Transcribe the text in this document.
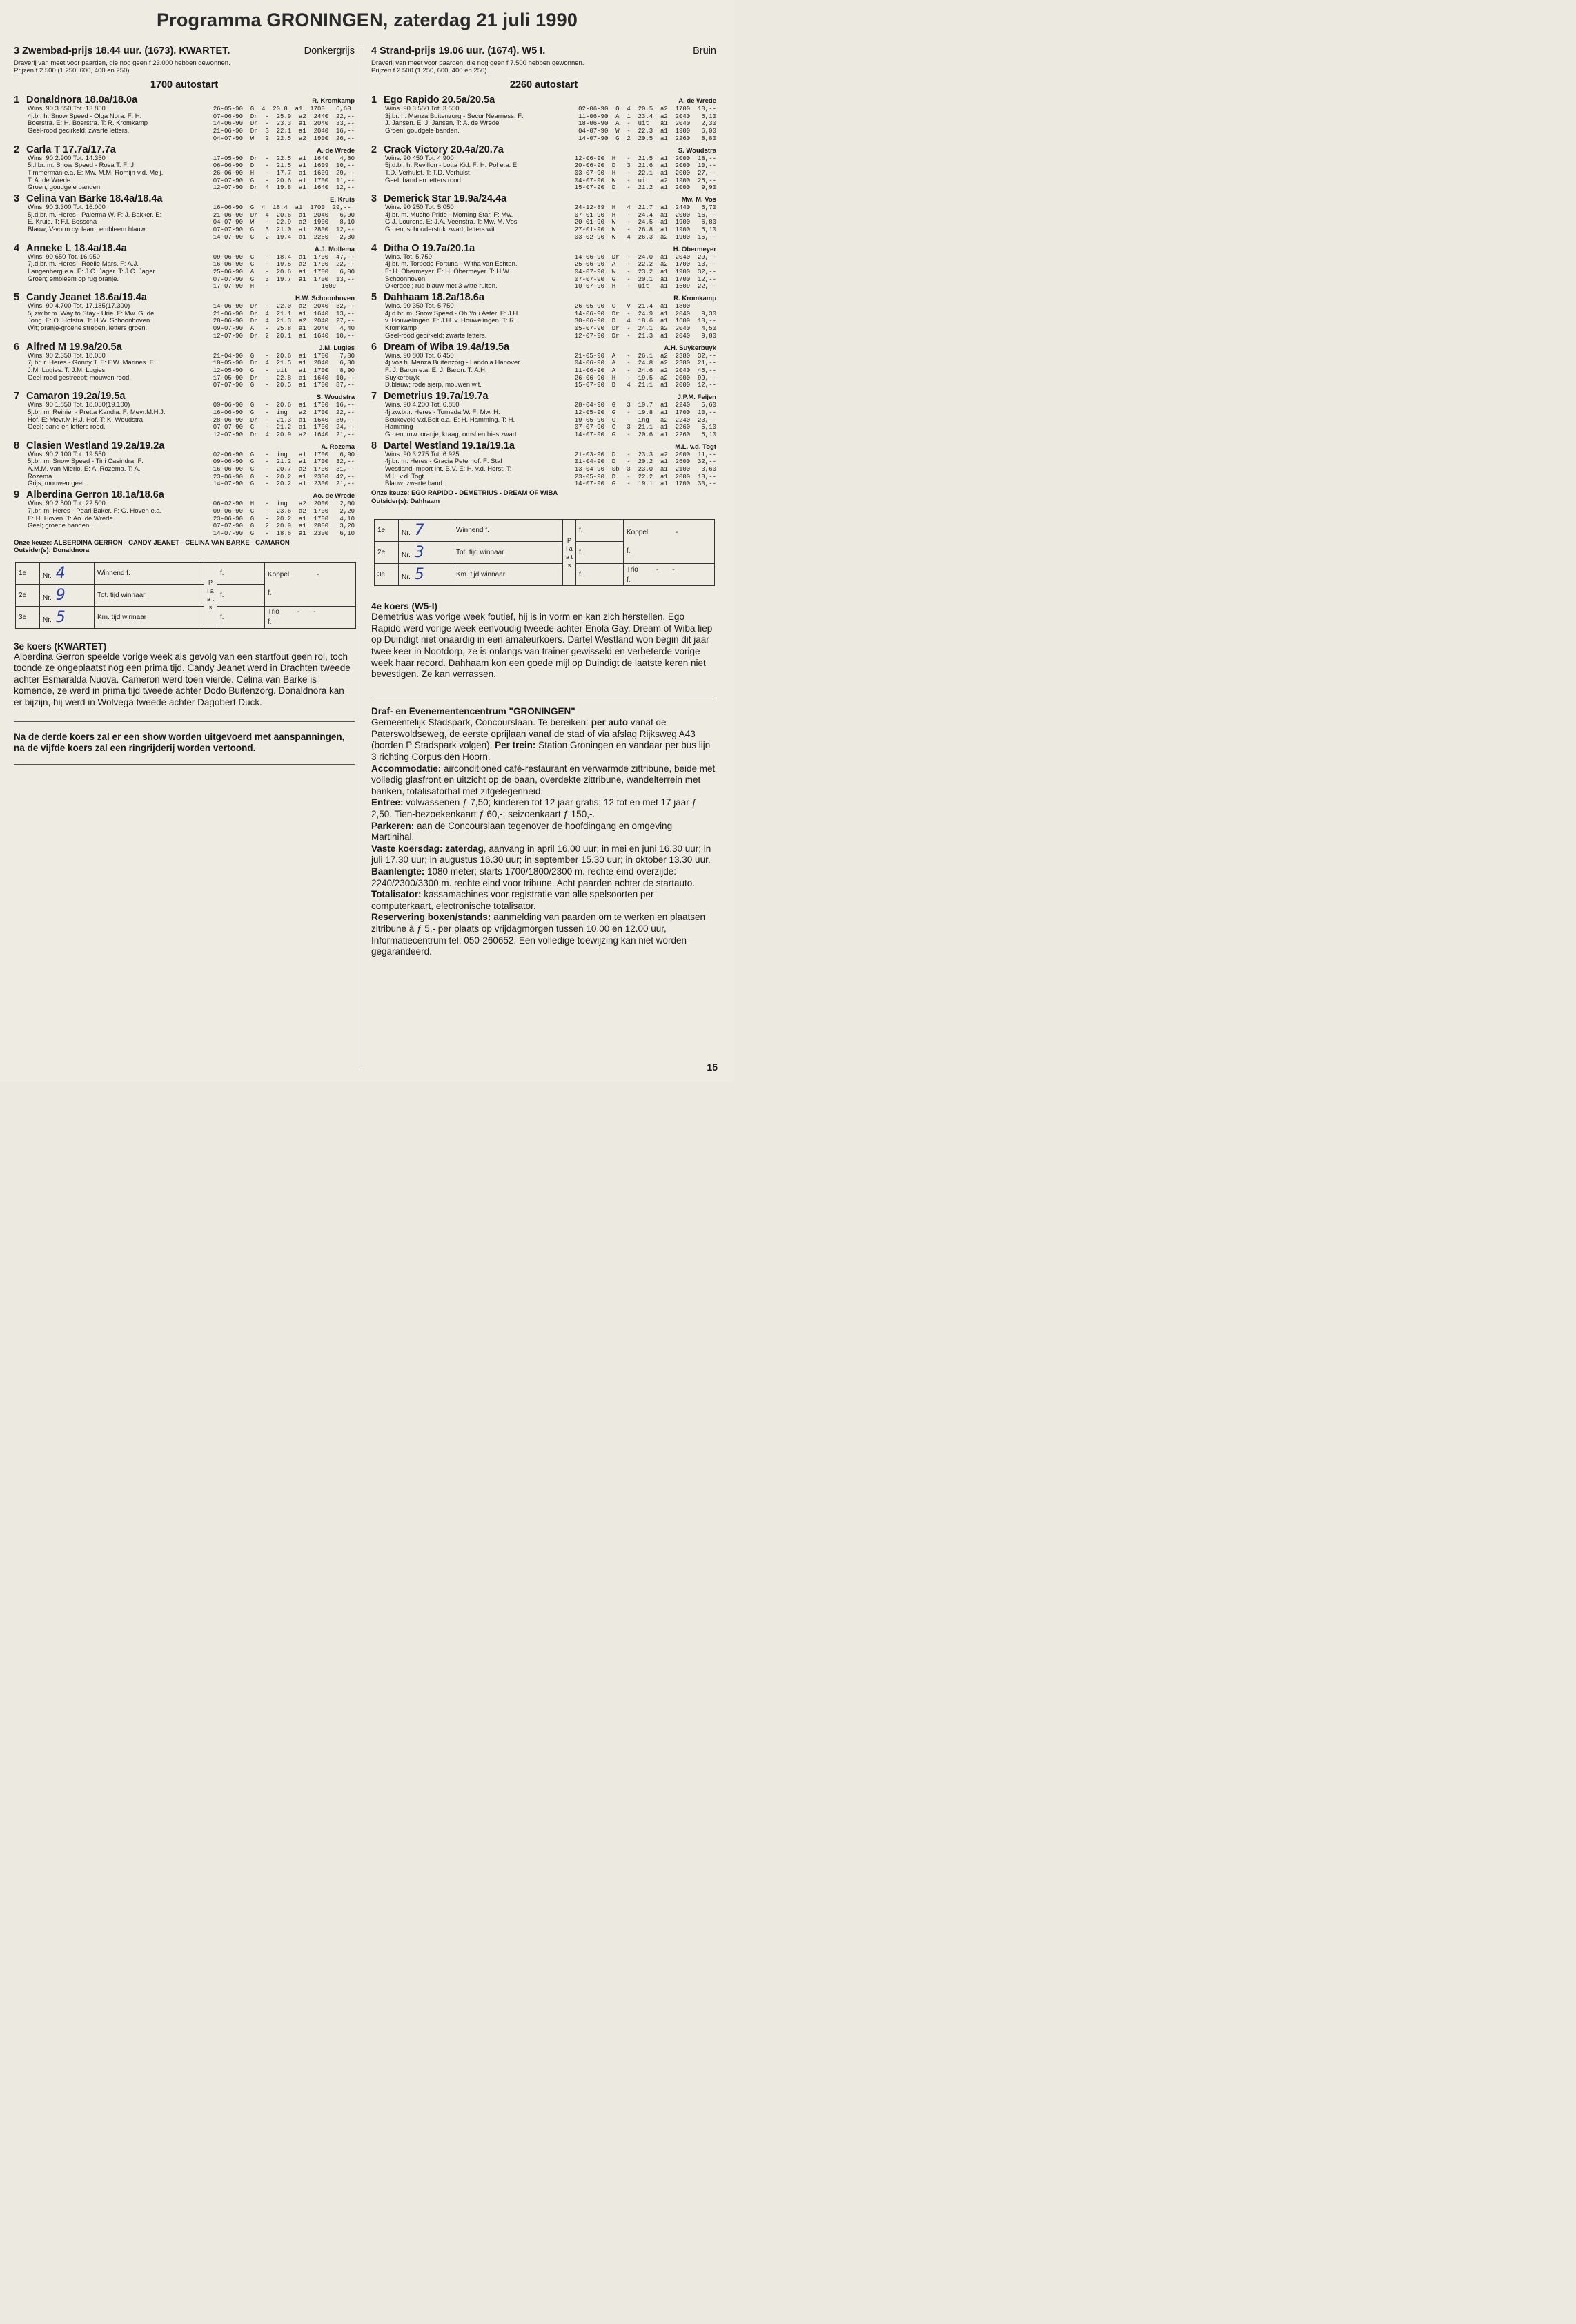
Programma GRONINGEN, zaterdag 21 juli 1990
3 Zwembad-prijs 18.44 uur. (1673). KWARTET.	Donkergrijs
Draverij van meet voor paarden, die nog geen f 23.000 hebben gewonnen.
Prijzen f 2.500 (1.250, 600, 400 en 250).
1700 autostart
1 Donaldnora 18.0a/18.0a	R. Kromkamp
Wins. 90 3.850 Tot. 13.850
4j.br. h. Snow Speed - Olga Nora. F: H.
Boerstra. E: H. Boerstra. T: R. Kromkamp
Geel-rood gecirkeld; zwarte letters.
26-05-90  G  4  20.8  a1  1700   6,60
07-06-90  Dr  -  25.9  a2  2440  22,--
14-06-90  Dr  -  23.3  a1  2040  33,--
21-06-90  Dr  S  22.1  a1  2040  16,--
04-07-90  W   2  22.5  a2  1900  26,--
2 Carla T 17.7a/17.7a	A. de Wrede
Wins. 90 2.900 Tot. 14.350
5j.l.br. m. Snow Speed - Rosa T. F: J.
Timmerman e.a. E: Mw. M.M. Romijn-v.d. Meij.
T: A. de Wrede
Groen; goudgele banden.
17-05-90  Dr  -  22.5  a1  1640   4,80
06-06-90  D   -  21.5  a1  1609  10,--
26-06-90  H   -  17.7  a1  1609  29,--
07-07-90  G   -  20.6  a1  1700  11,--
12-07-90  Dr  4  19.8  a1  1640  12,--
3 Celina van Barke 18.4a/18.4a	E. Kruis
Wins. 90 3.300 Tot. 16.000
5j.d.br. m. Heres - Palerma W. F: J. Bakker. E:
E. Kruis. T: F.I. Bosscha
Blauw; V-vorm cyclaam, embleem blauw.
16-06-90  G  4  18.4  a1  1700  29,--
21-06-90  Dr  4  20.6  a1  2040   6,90
04-07-90  W   -  22.9  a2  1900   8,10
07-07-90  G   3  21.0  a1  2800  12,--
14-07-90  G   2  19.4  a1  2260   2,30
4 Anneke L 18.4a/18.4a	A.J. Mollema
Wins. 90 650 Tot. 16.950
7j.d.br. m. Heres - Roelie Mars. F: A.J.
Langenberg e.a. E: J.C. Jager. T: J.C. Jager
Groen; embleem op rug oranje.
09-06-90  G   -  18.4  a1  1700  47,--
16-06-90  G   -  19.5  a2  1700  22,--
25-06-90  A   -  20.6  a1  1700   6,00
07-07-90  G   3  19.7  a1  1700  13,--
17-07-90  H   -              1609
5 Candy Jeanet 18.6a/19.4a	H.W. Schoonhoven
Wins. 90 4.700 Tot. 17.185(17.300)
5j.zw.br.m. Way to Stay - Urie. F: Mw. G. de
Jong. E: O. Hofstra. T: H.W. Schoonhoven
Wit; oranje-groene strepen, letters groen.
14-06-90  Dr  -  22.0  a2  2040  32,--
21-06-90  Dr  4  21.1  a1  1640  13,--
28-06-90  Dr  4  21.3  a2  2040  27,--
09-07-90  A   -  25.8  a1  2040   4,40
12-07-90  Dr  2  20.1  a1  1640  10,--
6 Alfred M 19.9a/20.5a	J.M. Lugies
Wins. 90 2.350 Tot. 18.050
7j.br. r. Heres - Gonny T. F: F.W. Marines. E:
J.M. Lugies. T: J.M. Lugies
Geel-rood gestreept; mouwen rood.
21-04-90  G   -  20.6  a1  1700   7,80
10-05-90  Dr  4  21.5  a1  2040   6,80
12-05-90  G   -  uit   a1  1700   8,90
17-05-90  Dr  -  22.8  a1  1640  10,--
07-07-90  G   -  20.5  a1  1700  87,--
7 Camaron 19.2a/19.5a	S. Woudstra
Wins. 90 1.850 Tot. 18.050(19.100)
5j.br. m. Reinier - Pretta Kandia. F: Mevr.M.H.J.
Hof. E: Mevr.M.H.J. Hof. T: K. Woudstra
Geel; band en letters rood.
09-06-90  G   -  20.6  a1  1700  16,--
16-06-90  G   -  ing   a2  1700  22,--
28-06-90  Dr  -  21.3  a1  1640  39,--
07-07-90  G   -  21.2  a1  1700  24,--
12-07-90  Dr  4  20.9  a2  1640  21,--
8 Clasien Westland 19.2a/19.2a	A. Rozema
Wins. 90 2.100 Tot. 19.550
5j.br. m. Snow Speed - Tini Casindra. F:
A.M.M. van Mierlo. E: A. Rozema. T: A.
Rozema
Grijs; mouwen geel.
02-06-90  G   -  ing   a1  1700   6,90
09-06-90  G   -  21.2  a1  1700  32,--
16-06-90  G   -  20.7  a2  1700  31,--
23-06-90  G   -  20.2  a1  2300  42,--
14-07-90  G   -  20.2  a1  2300  21,--
9 Alberdina Gerron 18.1a/18.6a	Ao. de Wrede
Wins. 90 2.500 Tot. 22.500
7j.br. m. Heres - Pearl Baker. F: G. Hoven e.a.
E: H. Hoven. T: Ao. de Wrede
Geel; groene banden.
06-02-90  H   -  ing   a2  2000   2,00
09-06-90  G   -  23.6  a2  1700   2,20
23-06-90  G   -  20.2  a1  1700   4,10
07-07-90  G   2  20.9  a1  2800   3,20
14-07-90  G   -  18.6  a1  2300   6,10
Onze keuze: ALBERDINA GERRON - CANDY JEANET - CELINA VAN BARKE - CAMARON
Outsider(s): Donaldnora
1e	Nr. 4	Winnend f.	P l a a t s	f.	Koppel -
f.

2e	Nr. 9	Tot. tijd winnaar		f.	
3e	Nr. 5	Km. tijd winnaar		f.	Trio - -
f.
3e koers (KWARTET)
Alberdina Gerron speelde vorige week als gevolg van een startfout geen rol, toch toonde ze ongeplaatst nog een prima tijd. Candy Jeanet werd in Drachten tweede achter Esmaralda Nuova. Cameron werd toen vierde. Celina van Barke is komende, ze werd in prima tijd tweede achter Dodo Buitenzorg. Donaldnora kan er bijzijn, hij werd in Wolvega tweede achter Dagobert Duck.
Na de derde koers zal er een show worden uitgevoerd met aanspanningen, na de vijfde koers zal een ringrijderij worden vertoond.
4 Strand-prijs 19.06 uur. (1674). W5 I.	Bruin
Draverij van meet voor paarden, die nog geen f 7.500 hebben gewonnen.
Prijzen f 2.500 (1.250, 600, 400 en 250).
2260 autostart
1 Ego Rapido 20.5a/20.5a	A. de Wrede
Wins. 90 3.550 Tot. 3.550
3j.br. h. Manza Buitenzorg - Secur Nearness. F:
J. Jansen. E: J. Jansen. T: A. de Wrede
Groen; goudgele banden.
02-06-90  G  4  20.5  a2  1700  10,--
11-06-90  A  1  23.4  a2  2040   6,10
18-06-90  A  -  uit   a1  2040   2,30
04-07-90  W  -  22.3  a1  1900   6,00
14-07-90  G  2  20.5  a1  2260   8,80
2 Crack Victory 20.4a/20.7a	S. Woudstra
Wins. 90 450 Tot. 4.900
5j.d.br. h. Revillon - Lotta Kid. F: H. Pol e.a. E:
T.D. Verhulst. T: T.D. Verhulst
Geel; band en letters rood.
12-06-90  H   -  21.5  a1  2000  18,--
20-06-90  D   3  21.6  a1  2000  10,--
03-07-90  H   -  22.1  a1  2000  27,--
04-07-90  W   -  uit   a2  1900  25,--
15-07-90  D   -  21.2  a1  2000   9,90
3 Demerick Star 19.9a/24.4a	Mw. M. Vos
Wins. 90 250 Tot. 5.050
4j.br. m. Mucho Pride - Morning Star. F: Mw.
G.J. Lourens. E: J.A. Veenstra. T: Mw. M. Vos
Groen; schouderstuk zwart, letters wit.
24-12-89  H   4  21.7  a1  2440   6,70
07-01-90  H   -  24.4  a1  2000  16,--
20-01-90  W   -  24.5  a1  1900   6,80
27-01-90  W   -  26.8  a1  1900   5,10
03-02-90  W   4  26.3  a2  1900  15,--
4 Ditha O 19.7a/20.1a	H. Obermeyer
Wins. Tot. 5.750
4j.br. m. Torpedo Fortuna - Witha van Echten.
F: H. Obermeyer. E: H. Obermeyer. T: H.W.
Schoonhoven
Okergeel; rug blauw met 3 witte ruiten.
14-06-90  Dr  -  24.0  a1  2040  29,--
25-06-90  A   -  22.2  a2  1700  13,--
04-07-90  W   -  23.2  a1  1900  32,--
07-07-90  G   -  20.1  a1  1700  12,--
10-07-90  H   -  uit   a1  1609  22,--
5 Dahhaam 18.2a/18.6a	R. Kromkamp
Wins. 90 350 Tot. 5.750
4j.d.br. m. Snow Speed - Oh You Aster. F: J.H.
v. Houwelingen. E: J.H. v. Houwelingen. T: R.
Kromkamp
Geel-rood gecirkeld; zwarte letters.
26-05-90  G   V  21.4  a1  1800
14-06-90  Dr  -  24.9  a1  2040   9,30
30-06-90  D   4  18.6  a1  1609  10,--
05-07-90  Dr  -  24.1  a2  2040   4,50
12-07-90  Dr  -  21.3  a1  2040   9,80
6 Dream of Wiba 19.4a/19.5a	A.H. Suykerbuyk
Wins. 90 800 Tot. 6.450
4j.vos h. Manza Buitenzorg - Landola Hanover.
F: J. Baron e.a. E: J. Baron. T: A.H.
Suykerbuyk
D.blauw; rode sjerp, mouwen wit.
21-05-90  A   -  26.1  a2  2380  32,--
04-06-90  A   -  24.8  a2  2380  21,--
11-06-90  A   -  24.6  a2  2040  45,--
26-06-90  H   -  19.5  a2  2000  99,--
15-07-90  D   4  21.1  a1  2000  12,--
7 Demetrius 19.7a/19.7a	J.P.M. Feijen
Wins. 90 4.200 Tot. 6.850
4j.zw.br.r. Heres - Tornada W. F: Mw. H.
Beukeveld v.d.Belt e.a. E: H. Hamming. T: H.
Hamming
Groen; mw. oranje; kraag, omsl.en bies zwart.
28-04-90  G   3  19.7  a1  2240   5,60
12-05-90  G   -  19.8  a1  1700  10,--
19-05-90  G   -  ing   a2  2240  23,--
07-07-90  G   3  21.1  a1  2260   5,10
14-07-90  G   -  20.6  a1  2260   5,10
8 Dartel Westland 19.1a/19.1a	M.L. v.d. Togt
Wins. 90 3.275 Tot. 6.925
4j.br. m. Heres - Gracia Peterhof. F: Stal
Westland Import Int. B.V. E: H. v.d. Horst. T:
M.L. v.d. Togt
Blauw; zwarte band.
21-03-90  D   -  23.3  a2  2000  11,--
01-04-90  D   -  20.2  a1  2600  32,--
13-04-90  Sb  3  23.0  a1  2100   3,60
23-05-90  D   -  22.2  a1  2000  18,--
14-07-90  G   -  19.1  a1  1700  30,--
Onze keuze: EGO RAPIDO - DEMETRIUS - DREAM OF WIBA
Outsider(s): Dahhaam
1e	Nr. 7	Winnend f.	P l a a t s	f.	Koppel -
f.

2e	Nr. 3	Tot. tijd winnaar		f.	
3e	Nr. 5	Km. tijd winnaar		f.	Trio - -
f.
4e koers (W5-I)
Demetrius was vorige week foutief, hij is in vorm en kan zich herstellen. Ego Rapido werd vorige week eenvoudig tweede achter Enola Gay. Dream of Wiba liep op Duindigt niet onaardig in een amateurkoers. Dartel Westland won begin dit jaar twee keer in Nootdorp, ze is onlangs van trainer gewisseld en verbeterde vorige week haar record. Dahhaam kon een goede mijl op Duindigt de laatste keren niet bevestigen. Ze kan verrassen.
Draf- en Evenementencentrum "GRONINGEN"
Gemeentelijk Stadspark, Concourslaan. Te bereiken: per auto vanaf de Paterswoldseweg, de eerste oprijlaan vanaf de stad of via afslag Rijksweg A43 (borden P Stadspark volgen). Per trein: Station Groningen en vandaar per bus lijn 3 richting Corpus den Hoorn.
Accommodatie: airconditioned café-restaurant en verwarmde zittribune, beide met volledig glasfront en uitzicht op de baan, overdekte zittribune, wandelterrein met banken, totalisatorhal met zitgelegenheid.
Entree: volwassenen ƒ 7,50; kinderen tot 12 jaar gratis; 12 tot en met 17 jaar ƒ 2,50. Tien-bezoekenkaart ƒ 60,-; seizoenkaart ƒ 150,-.
Parkeren: aan de Concourslaan tegenover de hoofdingang en omgeving Martinihal.
Vaste koersdag: zaterdag, aanvang in april 16.00 uur; in mei en juni 16.30 uur; in juli 17.30 uur; in augustus 16.30 uur; in september 15.30 uur; in oktober 13.30 uur.
Baanlengte: 1080 meter; starts 1700/1800/2300 m. rechte eind overzijde: 2240/2300/3300 m. rechte eind voor tribune. Acht paarden achter de startauto.
Totalisator: kassamachines voor registratie van alle spelsoorten per computerkaart, electronische totalisator.
Reservering boxen/stands: aanmelding van paarden om te werken en plaatsen zitribune à ƒ 5,- per plaats op vrijdagmorgen tussen 10.00 en 12.00 uur, Informatiecentrum tel: 050-260652. Een volledige toewijzing kan niet worden gegarandeerd.
15
